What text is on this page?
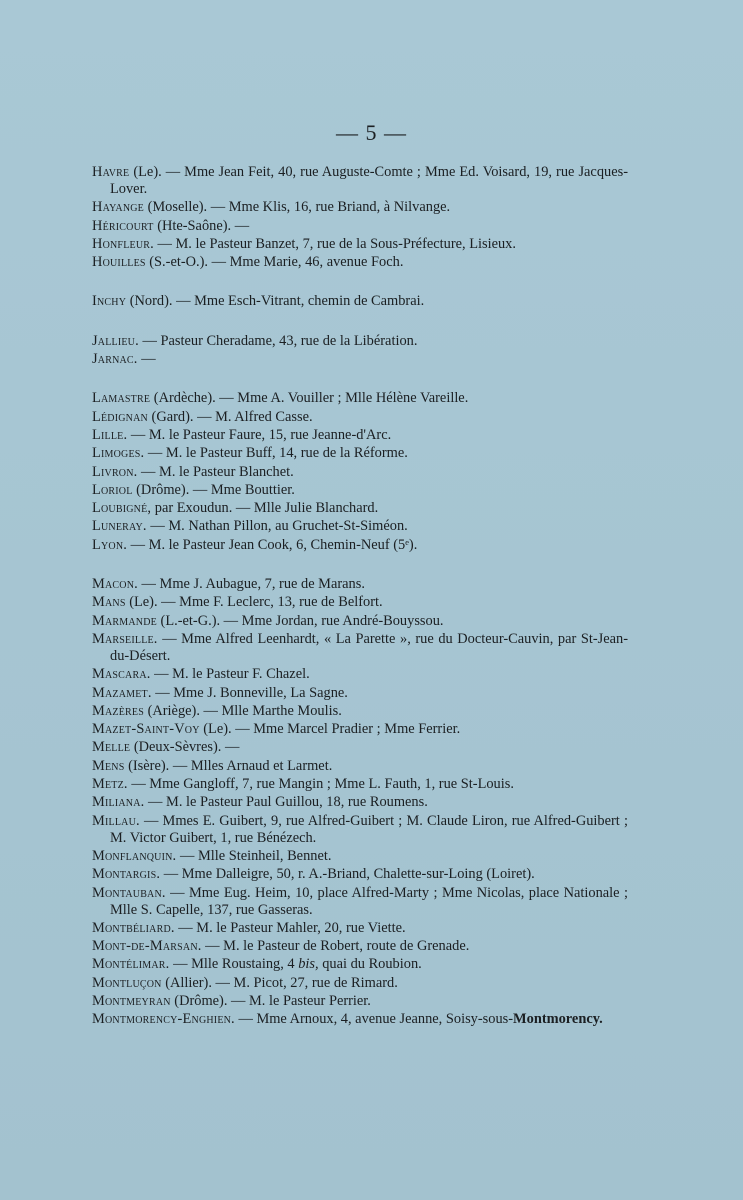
— 5 —

Havre (Le). — Mme Jean Feit, 40, rue Auguste-Comte ; Mme Ed. Voisard, 19, rue Jacques-Lover.

Hayange (Moselle). — Mme Klis, 16, rue Briand, à Nilvange.

Héricourt (Hte-Saône). —

Honfleur. — M. le Pasteur Banzet, 7, rue de la Sous-Préfecture, Lisieux.

Houilles (S.-et-O.). — Mme Marie, 46, avenue Foch.

Inchy (Nord). — Mme Esch-Vitrant, chemin de Cambrai.

Jallieu. — Pasteur Cheradame, 43, rue de la Libération.

Jarnac. —

Lamastre (Ardèche). — Mme A. Vouiller ; Mlle Hélène Vareille.

Lédignan (Gard). — M. Alfred Casse.

Lille. — M. le Pasteur Faure, 15, rue Jeanne-d'Arc.

Limoges. — M. le Pasteur Buff, 14, rue de la Réforme.

Livron. — M. le Pasteur Blanchet.

Loriol (Drôme). — Mme Bouttier.

Loubigné, par Exoudun. — Mlle Julie Blanchard.

Luneray. — M. Nathan Pillon, au Gruchet-St-Siméon.

Lyon. — M. le Pasteur Jean Cook, 6, Chemin-Neuf (5ᵉ).

Macon. — Mme J. Aubague, 7, rue de Marans.

Mans (Le). — Mme F. Leclerc, 13, rue de Belfort.

Marmande (L.-et-G.). — Mme Jordan, rue André-Bouyssou.

Marseille. — Mme Alfred Leenhardt, « La Parette », rue du Docteur-Cauvin, par St-Jean-du-Désert.

Mascara. — M. le Pasteur F. Chazel.

Mazamet. — Mme J. Bonneville, La Sagne.

Mazères (Ariège). — Mlle Marthe Moulis.

Mazet-Saint-Voy (Le). — Mme Marcel Pradier ; Mme Ferrier.

Melle (Deux-Sèvres). —

Mens (Isère). — Mlles Arnaud et Larmet.

Metz. — Mme Gangloff, 7, rue Mangin ; Mme L. Fauth, 1, rue St-Louis.

Miliana. — M. le Pasteur Paul Guillou, 18, rue Roumens.

Millau. — Mmes E. Guibert, 9, rue Alfred-Guibert ; M. Claude Liron, rue Alfred-Guibert ; M. Victor Guibert, 1, rue Bénézech.

Monflanquin. — Mlle Steinheil, Bennet.

Montargis. — Mme Dalleigre, 50, r. A.-Briand, Chalette-sur-Loing (Loiret).

Montauban. — Mme Eug. Heim, 10, place Alfred-Marty ; Mme Nicolas, place Nationale ; Mlle S. Capelle, 137, rue Gasseras.

Montbéliard. — M. le Pasteur Mahler, 20, rue Viette.

Mont-de-Marsan. — M. le Pasteur de Robert, route de Grenade.

Montélimar. — Mlle Roustaing, 4 bis, quai du Roubion.

Montluçon (Allier). — M. Picot, 27, rue de Rimard.

Montmeyran (Drôme). — M. le Pasteur Perrier.

Montmorency-Enghien. — Mme Arnoux, 4, avenue Jeanne, Soisy-sous-Montmorency.
